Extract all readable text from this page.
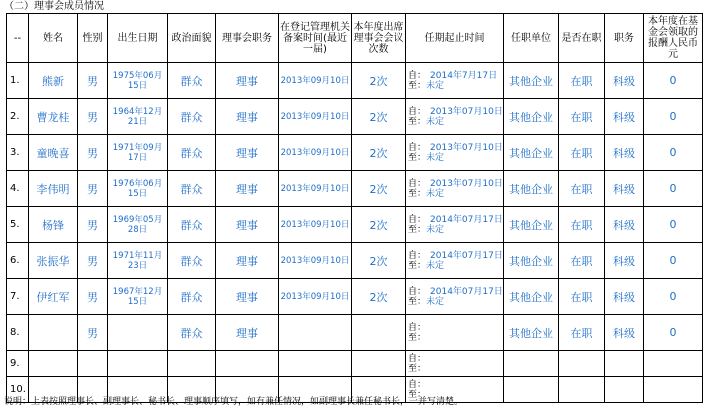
（二）理事会成员情况
--	姓名	性别	出生日期	政治面貌	理事会职务	在登记管理机关备案时间(最近一届)	本年度出席理事会会议次数	任期起止时间	任职单位	是否在职	职务	本年度在基金会领取的报酬人民币元
1.	熊新	男	1975年06月15日	群众	理事	2013年09月10日	2次	自： 2014年7月17日
至：未定	其他企业	在职	科级	0
2.	曹龙桂	男	1964年12月21日	群众	理事	2013年09月10日	2次	自： 2013年07月10日
至：未定	其他企业	在职	科级	0
3.	童晚喜	男	1971年09月17日	群众	理事	2013年09月10日	2次	自： 2013年07月10日
至：未定	其他企业	在职	科级	0
4.	李伟明	男	1976年06月15日	群众	理事	2013年09月10日	2次	自： 2013年07月10日
至：未定	其他企业	在职	科级	0
5.	杨锋	男	1969年05月28日	群众	理事	2013年09月10日	2次	自： 2014年07月17日
至：未定	其他企业	在职	科级	0
6.	张振华	男	1971年11月23日	群众	理事	2013年09月10日	2次	自： 2014年07月17日
至：未定	其他企业	在职	科级	0
7.	伊红军	男	1967年12月15日	群众	理事	2013年09月10日	2次	自： 2014年07月17日
至：未定	其他企业	在职	科级	0
8.		男		群众	理事			自：
至：	其他企业	在职	科级	0
9.								自：
至：				

10.								自：
至：				

说明：上表按照理事长、副理事长、秘书长、理事顺序填写，如有兼任情况，如副理事长兼任秘书长，一并写清楚。
